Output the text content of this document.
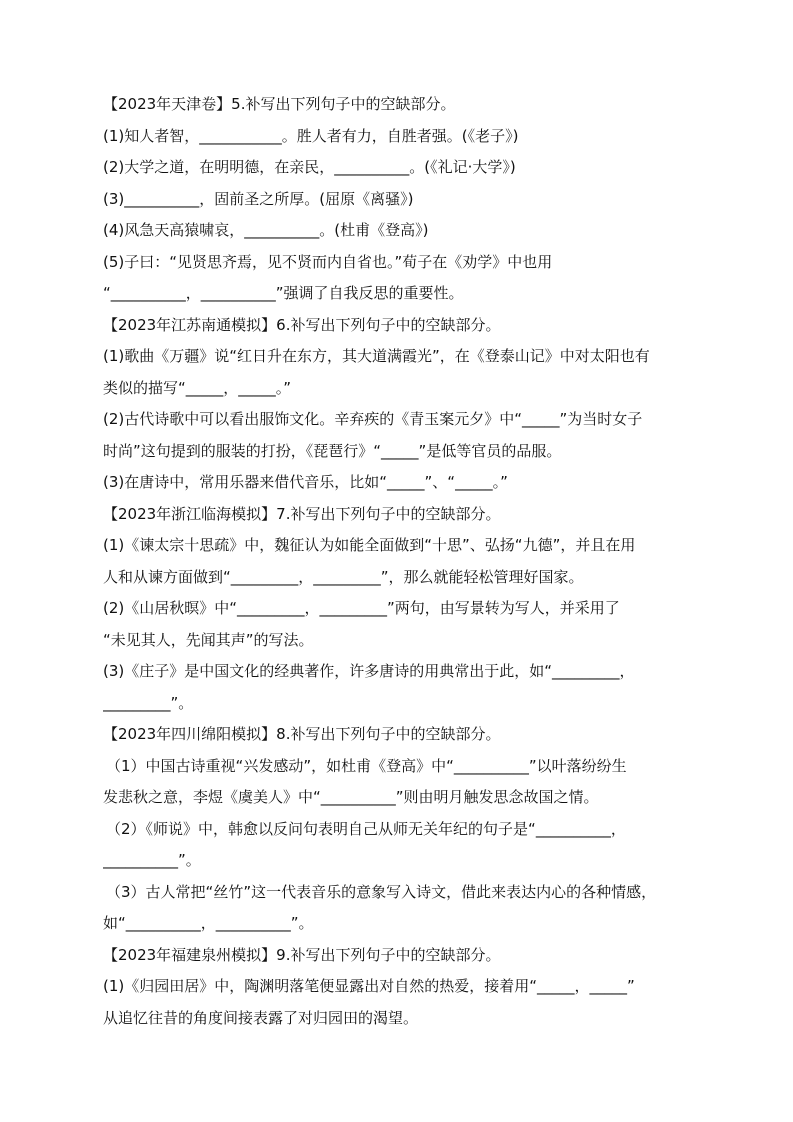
【2023年天津卷】5.补写出下列句子中的空缺部分。
(1)知人者智，___________。胜人者有力，自胜者强。(《老子》)
(2)大学之道，在明明德，在亲民，__________。(《礼记·大学》)
(3)__________，固前圣之所厚。(屈原《离骚》)
(4)风急天高猿啸哀，__________。(杜甫《登高》)
(5)子曰：“见贤思齐焉，见不贤而内自省也。”荀子在《劝学》中也用
“__________，__________”强调了自我反思的重要性。
【2023年江苏南通模拟】6.补写出下列句子中的空缺部分。
(1)歌曲《万疆》说“红日升在东方，其大道满霞光”，在《登泰山记》中对太阳也有
类似的描写“_____，_____。”
(2)古代诗歌中可以看出服饰文化。辛弃疾的《青玉案元夕》中“_____”为当时女子
时尚”这句提到的服装的打扮，《琵琶行》“_____”是低等官员的品服。
(3)在唐诗中，常用乐器来借代音乐，比如“_____”、“_____。”
【2023年浙江临海模拟】7.补写出下列句子中的空缺部分。
(1)《谏太宗十思疏》中，魏征认为如能全面做到“十思”、弘扬“九德”，并且在用
人和从谏方面做到“_________，_________”，那么就能轻松管理好国家。
(2)《山居秋暝》中“_________，_________”两句，由写景转为写人，并采用了
“未见其人，先闻其声”的写法。
(3)《庄子》是中国文化的经典著作，许多唐诗的用典常出于此，如“_________，
_________”。
【2023年四川绵阳模拟】8.补写出下列句子中的空缺部分。
（1）中国古诗重视“兴发感动”，如杜甫《登高》中“__________”以叶落纷纷生
发悲秋之意，李煜《虞美人》中“__________”则由明月触发思念故国之情。
（2）《师说》中，韩愈以反问句表明自己从师无关年纪的句子是“__________，
__________”。
（3）古人常把“丝竹”这一代表音乐的意象写入诗文，借此来表达内心的各种情感，
如“__________，__________”。
【2023年福建泉州模拟】9.补写出下列句子中的空缺部分。
(1)《归园田居》中，陶渊明落笔便显露出对自然的热爱，接着用“_____，_____”
从追忆往昔的角度间接表露了对归园田的渴望。
